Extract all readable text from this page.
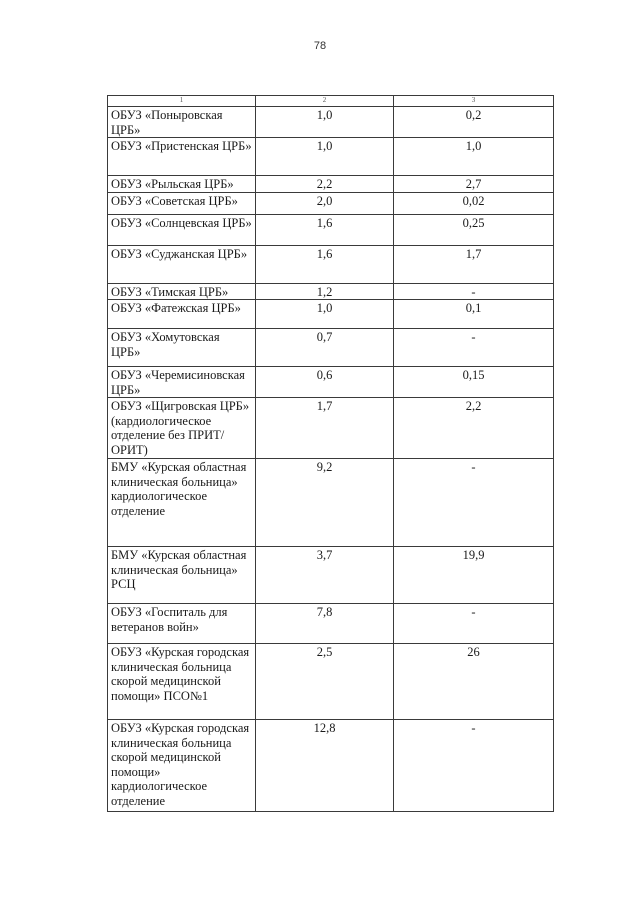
78
1	2	3
ОБУЗ «Поныровская ЦРБ»	1,0	0,2
ОБУЗ «Пристенская ЦРБ»	1,0	1,0
ОБУЗ «Рыльская ЦРБ»	2,2	2,7
ОБУЗ «Советская ЦРБ»	2,0	0,02
ОБУЗ «Солнцевская ЦРБ»	1,6	0,25
ОБУЗ «Суджанская ЦРБ»	1,6	1,7
ОБУЗ «Тимская ЦРБ»	1,2	-
ОБУЗ «Фатежская ЦРБ»	1,0	0,1
ОБУЗ «Хомутовская ЦРБ»	0,7	-
ОБУЗ «Черемисиновская ЦРБ»	0,6	0,15
ОБУЗ «Щигровская ЦРБ» (кардиологическое отделение без ПРИТ/ОРИТ)	1,7	2,2
БМУ «Курская областная клиническая больница» кардиологическое отделение	9,2	-
БМУ «Курская областная клиническая больница» РСЦ	3,7	19,9
ОБУЗ «Госпиталь для ветеранов войн»	7,8	-
ОБУЗ «Курская городская клиническая больница скорой медицинской помощи» ПСО№1	2,5	26
ОБУЗ «Курская городская клиническая больница скорой медицинской помощи» кардиологическое отделение	12,8	-
